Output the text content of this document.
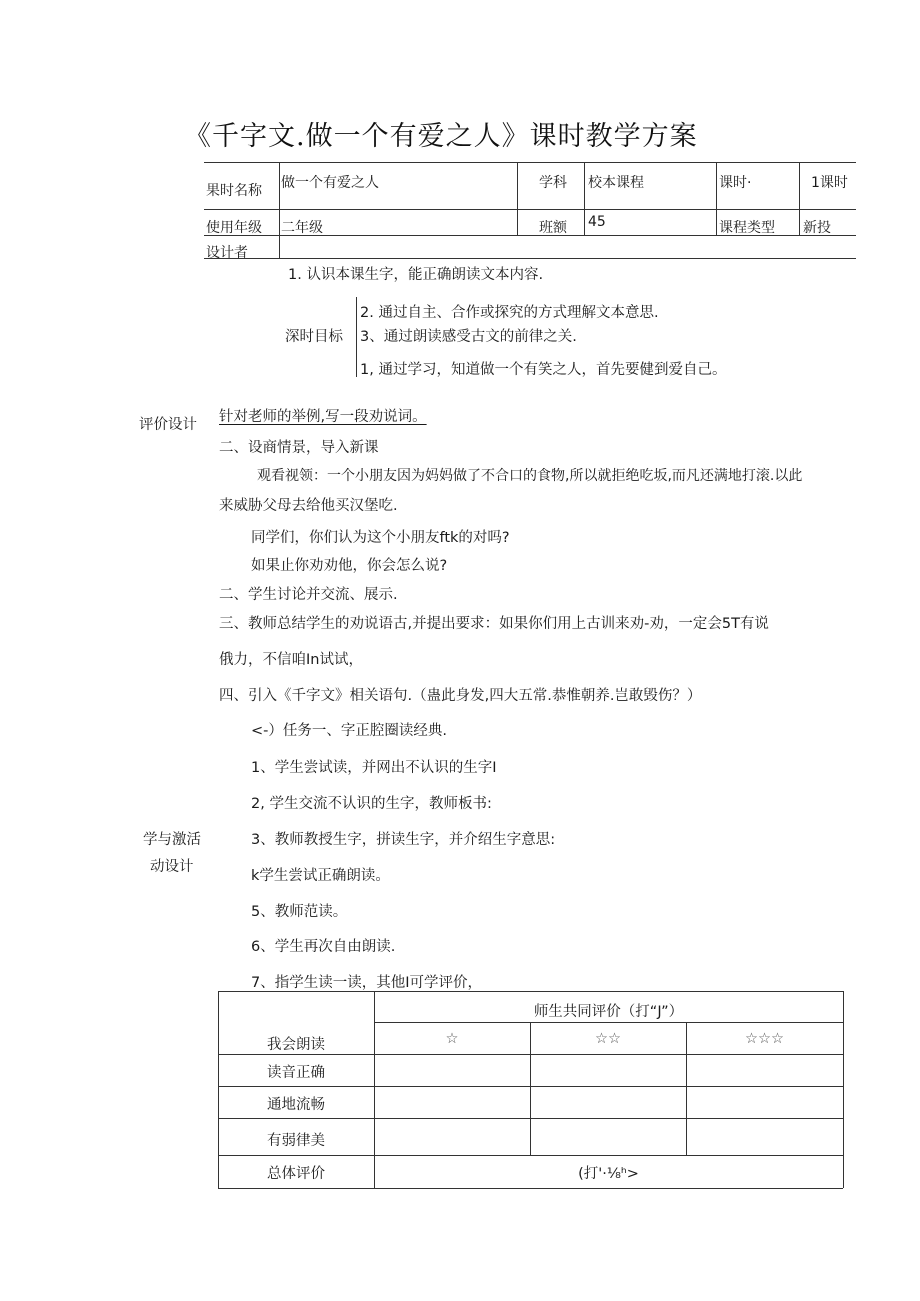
《千字文.做一个有爱之人》课时教学方案
果时名称 做一个有爱之人	学科 校本课程	课时·	1课时
使用年级 二年级	班额 45	课程类型 新投
设计者
1. 认识本课生字，能正确朗读文本内容.
深时目标
2. 通过自主、合作或探究的方式理解文本意思.
3、通过朗读感受古文的前律之关.
1, 通过学习，知道做一个有笑之人，首先要健到爱自己。
评价设计 针对老师的举例,写一段劝说词。
学与激活
动设计
二、设商情景，导入新课
观看视领：一个小朋友因为妈妈做了不合口的食物,所以就拒绝吃坂,而凡还满地打滚.以此
来威胁父母去给他买汉堡吃.
同学们，你们认为这个小朋友ftk的对吗?
如果止你劝劝他，你会怎么说?
二、学生讨论并交流、展示.
三、教师总结学生的劝说语古,并提出要求：如果你们用上古训来劝-劝，一定会5T有说
俄力，不信咱In试试，
四、引入《千字文》相关语句.（蛊此身发,四大五常.恭惟朝养.岂敢毁伤？）
<-）任务一、字正腔圈读经典.
1、学生尝试读，并网出不认识的生字I
2, 学生交流不认识的生字，教师板书:
3、教师教授生字，拼读生字，并介绍生字意思:
k学生尝试正确朗读。
5、教师范读。
6、学生再次自由朗读.
7、指学生读一读，其他I可学评价，
师生共同评价（打“J”）
我会朗读	☆	☆☆	☆☆☆
读音正确
通地流畅
有弱律美
总体评价	(打'·⅛ʰ>
